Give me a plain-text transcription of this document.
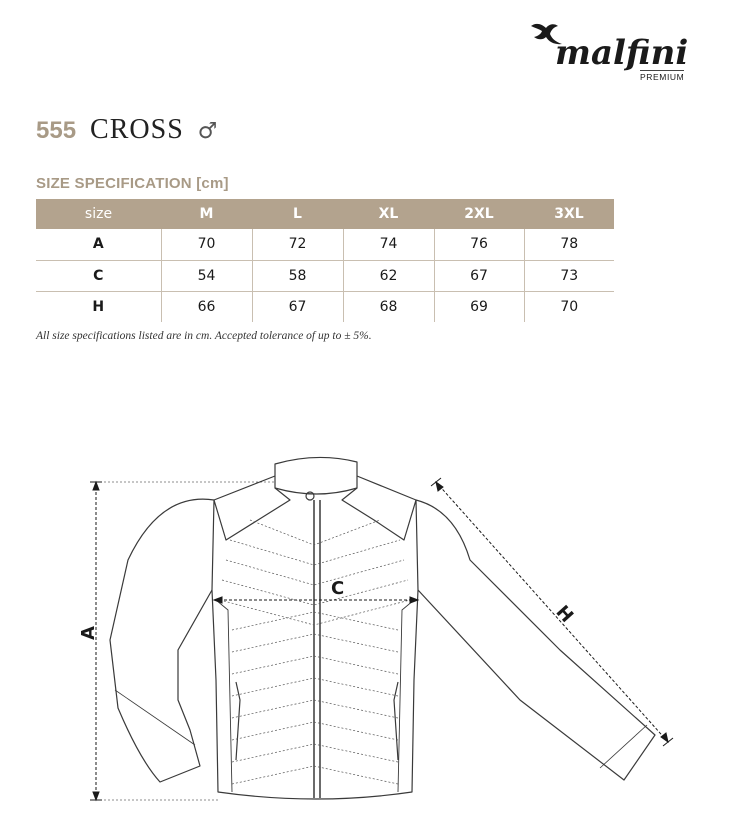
malfini
PREMIUM
555 CROSS ♂
SIZE SPECIFICATION [cm]
size	M	L	XL	2XL	3XL
A	70	72	74	76	78
C	54	58	62	67	73
H	66	67	68	69	70
All size specifications listed are in cm. Accepted tolerance of up to ± 5%.
A
C
H
